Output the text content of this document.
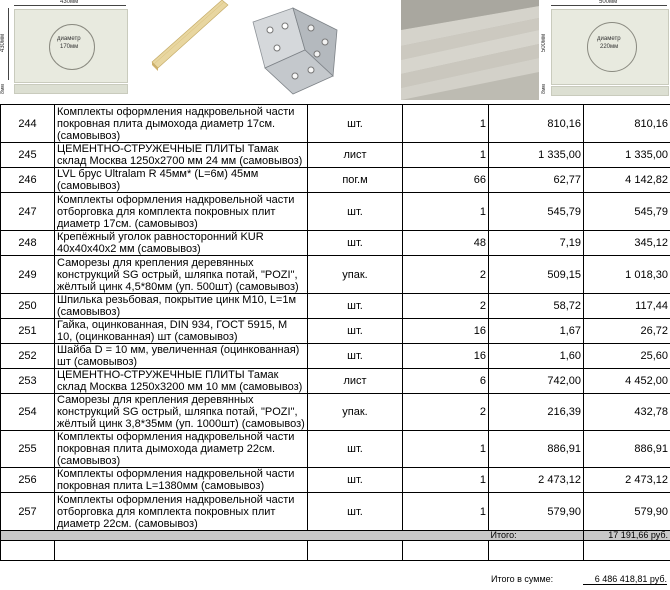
430мм
430мм	диаметр
170мм
8мм
500мм
500мм	диаметр
220мм
8мм
244	Комплекты оформления надкровельной части покровная плита дымохода диаметр 17см. (самовывоз)	шт.	1	810,16	810,16
245	ЦЕМЕНТНО-СТРУЖЕЧНЫЕ ПЛИТЫ Тамак склад Москва 1250х2700 мм 24 мм (самовывоз)	лист	1	1 335,00	1 335,00
246	LVL брус Ultralam R 45мм* (L=6м) 45мм (самовывоз)	пог.м	66	62,77	4 142,82
247	Комплекты оформления надкровельной части отборговка для комплекта покровных плит диаметр 17см. (самовывоз)	шт.	1	545,79	545,79
248	Крепёжный уголок равносторонний KUR 40х40х40х2 мм (самовывоз)	шт.	48	7,19	345,12
249	Саморезы для крепления деревянных конструкций SG острый, шляпка потай, "POZI", жёлтый цинк 4,5*80мм (уп. 500шт) (самовывоз)	упак.	2	509,15	1 018,30
250	Шпилька резьбовая, покрытие цинк М10, L=1м (самовывоз)	шт.	2	58,72	117,44
251	Гайка, оцинкованная, DIN 934, ГОСТ 5915, М 10, (оцинкованная) шт (самовывоз)	шт.	16	1,67	26,72
252	Шайба D = 10 мм, увеличенная (оцинкованная) шт (самовывоз)	шт.	16	1,60	25,60
253	ЦЕМЕНТНО-СТРУЖЕЧНЫЕ ПЛИТЫ Тамак склад Москва 1250х3200 мм 10 мм (самовывоз)	лист	6	742,00	4 452,00
254	Саморезы для крепления деревянных конструкций SG острый, шляпка потай, "POZI", жёлтый цинк 3,8*35мм (уп. 1000шт) (самовывоз)	упак.	2	216,39	432,78
255	Комплекты оформления надкровельной части покровная плита дымохода диаметр 22см. (самовывоз)	шт.	1	886,91	886,91
256	Комплекты оформления надкровельной части покровная плита L=1380мм (самовывоз)	шт.	1	2 473,12	2 473,12
257	Комплекты оформления надкровельной части отборговка для комплекта покровных плит диаметр 22см. (самовывоз)	шт.	1	579,90	579,90
				Итого:	17 191,66 руб.

Итого в сумме:	6 486 418,81 руб.
